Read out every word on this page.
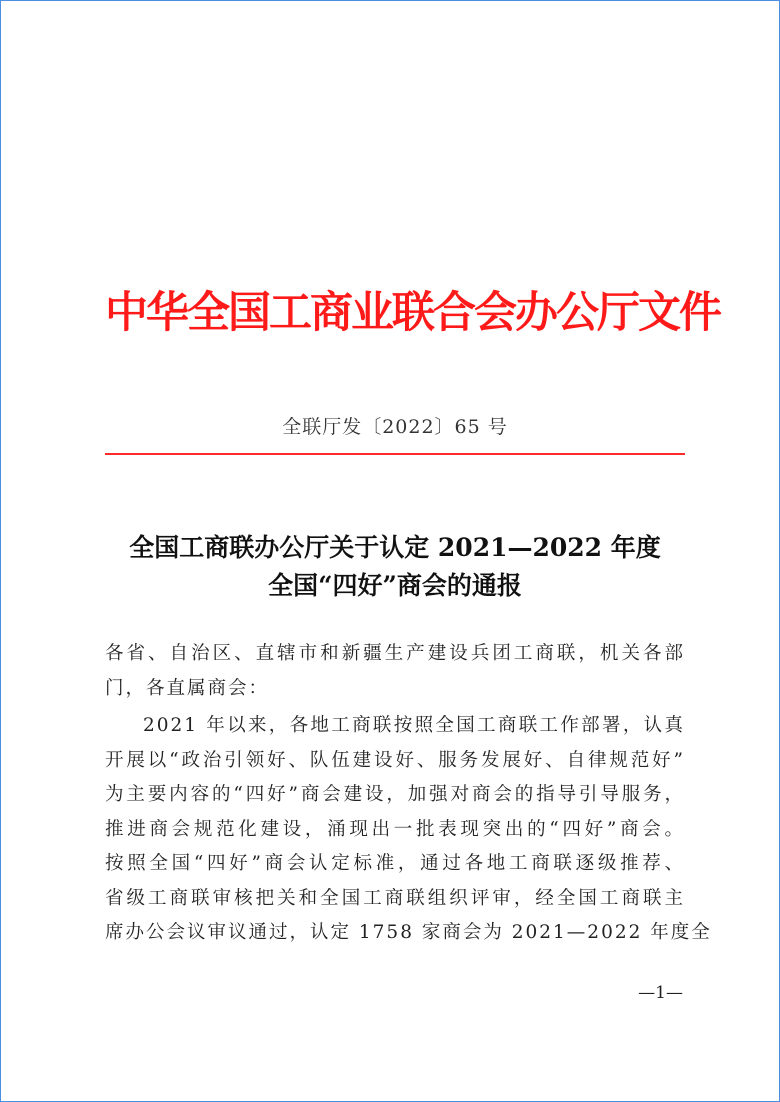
中华全国工商业联合会办公厅文件
全联厅发〔2022〕65 号
全国工商联办公厅关于认定 2021—2022 年度
全国“四好”商会的通报
各省、自治区、直辖市和新疆生产建设兵团工商联，机关各部
门，各直属商会：
2021 年以来，各地工商联按照全国工商联工作部署，认真
开展以“政治引领好、队伍建设好、服务发展好、自律规范好”
为主要内容的“四好”商会建设，加强对商会的指导引导服务，
推进商会规范化建设，涌现出一批表现突出的“四好”商会。
按照全国“四好”商会认定标准，通过各地工商联逐级推荐、
省级工商联审核把关和全国工商联组织评审，经全国工商联主
席办公会议审议通过，认定 1758 家商会为 2021—2022 年度全
—1—
